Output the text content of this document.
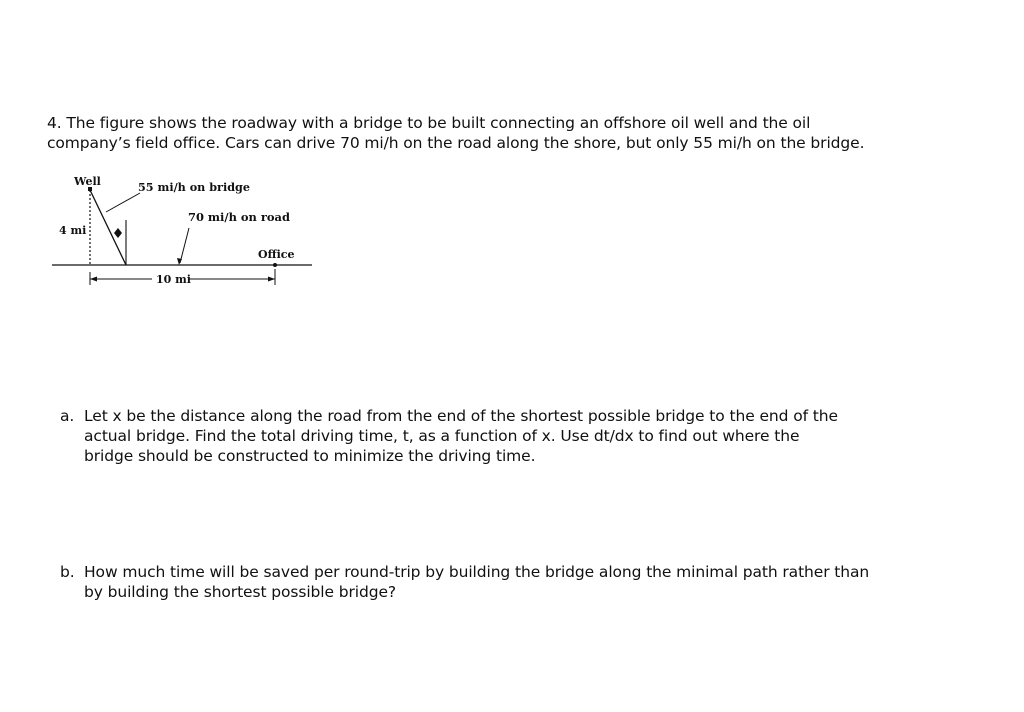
4. The figure shows the roadway with a bridge to be built connecting an offshore oil well and the oil
company’s field office. Cars can drive 70 mi/h on the road along the shore, but only 55 mi/h on the bridge.
Well	55 mi/h on bridge
70 mi/h on road
4 mi
Office
10 mi
a. Let x be the distance along the road from the end of the shortest possible bridge to the end of the
actual bridge. Find the total driving time, t, as a function of x. Use dt/dx to find out where the
bridge should be constructed to minimize the driving time.
b. How much time will be saved per round-trip by building the bridge along the minimal path rather than
by building the shortest possible bridge?
